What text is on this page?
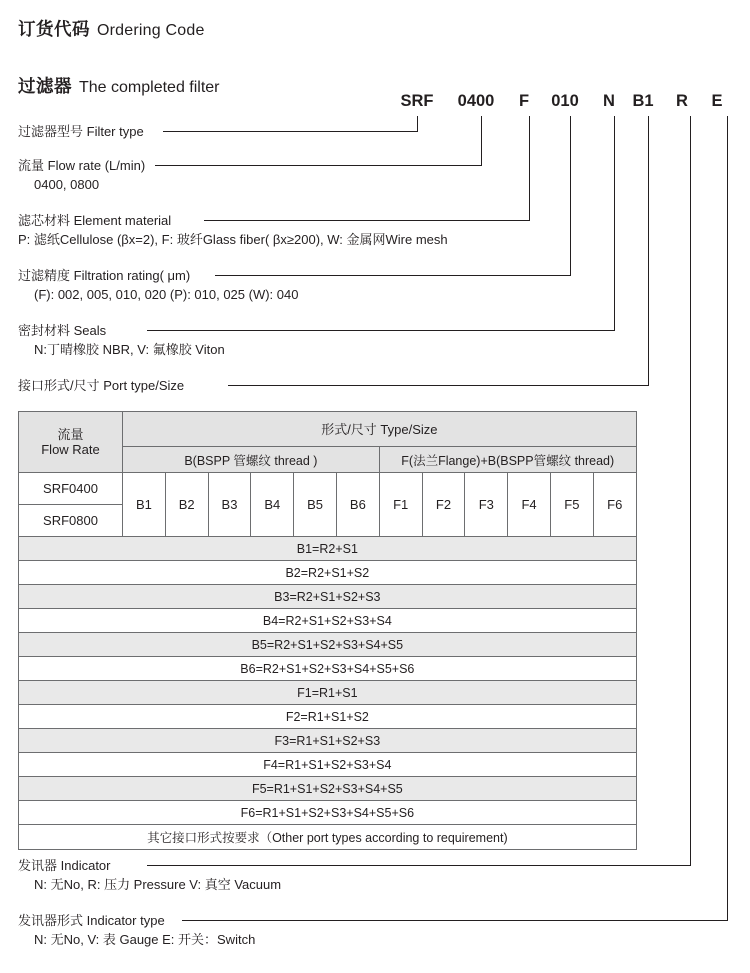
订货代码 Ordering Code
过滤器 The completed filter
SRF	0400	F	010	N B1 R E
过滤器型号 Filter type
流量 Flow rate (L/min)
0400, 0800
滤芯材料 Element material
P: 滤纸Cellulose (βx=2), F: 玻纤Glass fiber( βx≥200), W: 金属网Wire mesh
过滤精度 Filtration rating( μm)
(F): 002, 005, 010, 020 (P): 010, 025 (W): 040
密封材料 Seals
N:丁晴橡胶 NBR, V: 氟橡胶 Viton
接口形式/尺寸 Port type/Size
发讯器 Indicator
N: 无No, R: 压力 Pressure V: 真空 Vacuum
发讯器形式 Indicator type
N: 无No, V: 表 Gauge E: 开关：Switch
流量
Flow Rate	形式/尺寸 Type/Size											
	B(BSPP 管螺纹 thread )						F(法兰Flange)+B(BSPP管螺纹 thread)					
SRF0400	B1	B2	B3	B4	B5	B6	F1	F2	F3	F4	F5	F6
SRF0800												
B1=R2+S1												
B2=R2+S1+S2												
B3=R2+S1+S2+S3												
B4=R2+S1+S2+S3+S4												
B5=R2+S1+S2+S3+S4+S5												
B6=R2+S1+S2+S3+S4+S5+S6												
F1=R1+S1												
F2=R1+S1+S2												
F3=R1+S1+S2+S3												
F4=R1+S1+S2+S3+S4												
F5=R1+S1+S2+S3+S4+S5												
F6=R1+S1+S2+S3+S4+S5+S6												
其它接口形式按要求（Other port types according to requirement)												
